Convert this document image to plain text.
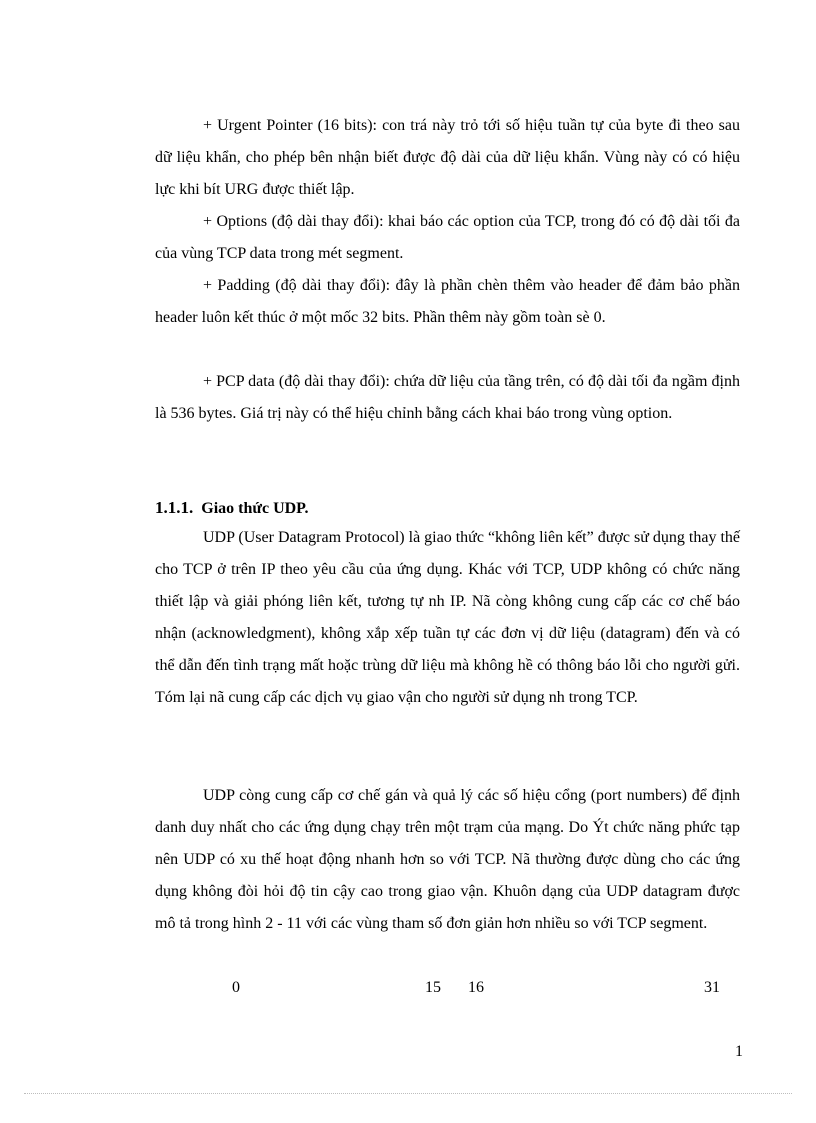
+ Urgent Pointer (16 bits): con trá này trỏ tới số hiệu tuần tự của byte đi theo sau dữ liệu khẩn, cho phép bên nhận biết được độ dài của dữ liệu khẩn. Vùng này có có hiệu lực khi bít URG được thiết lập.

+ Options (độ dài thay đổi): khai báo các option của TCP, trong đó có độ dài tối đa của vùng TCP data trong mét segment.

+ Padding (độ dài thay đổi): đây là phần chèn thêm vào header để đảm bảo phần header luôn kết thúc ở một mốc 32 bits. Phần thêm này gồm toàn sè 0.

+ PCP data (độ dài thay đổi): chứa dữ liệu của tầng trên, có độ dài tối đa ngầm định là 536 bytes. Giá trị này có thể hiệu chỉnh bằng cách khai báo trong vùng option.

1.1.1. Giao thức UDP.

UDP (User Datagram Protocol) là giao thức “không liên kết” được sử dụng thay thế cho TCP ở trên IP theo yêu cầu của ứng dụng. Khác với TCP, UDP không có chức năng thiết lập và giải phóng liên kết, tương tự nh IP. Nã còng không cung cấp các cơ chế báo nhận (acknowledgment), không xắp xếp tuần tự các đơn vị dữ liệu (datagram) đến và có thể dẫn đến tình trạng mất hoặc trùng dữ liệu mà không hề có thông báo lỗi cho người gửi. Tóm lại nã cung cấp các dịch vụ giao vận cho người sử dụng nh trong TCP.

UDP còng cung cấp cơ chế gán và quả lý các số hiệu cổng (port numbers) để định danh duy nhất cho các ứng dụng chạy trên một trạm của mạng. Do Ýt chức năng phức tạp nên UDP có xu thế hoạt động nhanh hơn so với TCP. Nã thường được dùng cho các ứng dụng không đòi hỏi độ tin cậy cao trong giao vận. Khuôn dạng của UDP datagram được mô tả trong hình 2 - 11 với các vùng tham số đơn giản hơn nhiều so với TCP segment.

0	15 16	31
1
